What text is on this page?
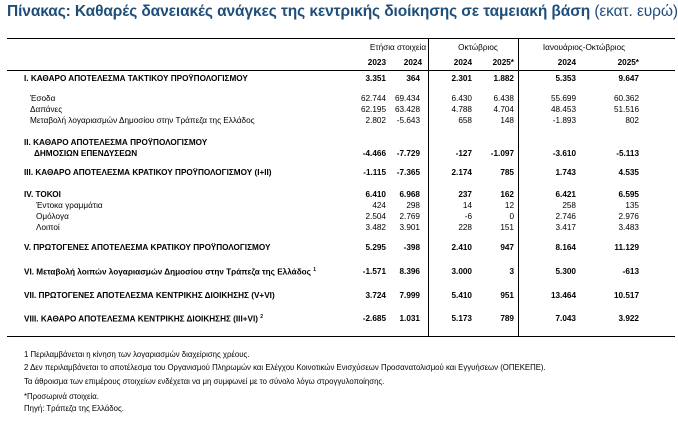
Πίνακας: Καθαρές δανειακές ανάγκες της κεντρικής διοίκησης σε ταμειακή βάση (εκατ. ευρώ)
Ετήσια στοιχεία	Οκτώβριος	Ιανουάριος-Οκτώβριος
2023	2024	2024	2025*	2024	2025*
I. ΚΑΘΑΡΟ ΑΠΟΤΕΛΕΣΜΑ ΤΑΚΤΙΚΟΥ ΠΡΟΫΠΟΛΟΓΙΣΜΟΥ	3.351	364	2.301	1.882	5.353	9.647
Έσοδα	62.744	69.434	6.430	6.438	55.699	60.362
Δαπάνες	62.195	63.428	4.788	4.704	48.453	51.516
Μεταβολή λογαριασμών Δημοσίου στην Τράπεζα της Ελλάδος	2.802	-5.643	658	148	-1.893	802
II. ΚΑΘΑΡΟ ΑΠΟΤΕΛΕΣΜΑ ΠΡΟΫΠΟΛΟΓΙΣΜΟΥ
ΔΗΜΟΣΙΩΝ ΕΠΕΝΔΥΣΕΩΝ	-4.466	-7.729	-127	-1.097	-3.610	-5.113
III. ΚΑΘΑΡΟ ΑΠΟΤΕΛΕΣΜΑ ΚΡΑΤΙΚΟΥ ΠΡΟΫΠΟΛΟΓΙΣΜΟΥ (I+II)	-1.115	-7.365	2.174	785	1.743	4.535
IV. ΤΟΚΟΙ	6.410	6.968	237	162	6.421	6.595
Έντοκα γραμμάτια	424	298	14	12	258	135
Ομόλογα	2.504	2.769	-6	0	2.746	2.976
Λοιποί	3.482	3.901	228	151	3.417	3.483
V. ΠΡΩΤΟΓΕΝΕΣ ΑΠΟΤΕΛΕΣΜΑ ΚΡΑΤΙΚΟΥ ΠΡΟΫΠΟΛΟΓΙΣΜΟΥ	5.295	-398	2.410	947	8.164	11.129
VI. Μεταβολή λοιπών λογαριασμών Δημοσίου στην Τράπεζα της Ελλάδος $^1$	-1.571	8.396	3.000	3	5.300	-613
VII. ΠΡΩΤΟΓΕΝΕΣ ΑΠΟΤΕΛΕΣΜΑ ΚΕΝΤΡΙΚΗΣ ΔΙΟΙΚΗΣΗΣ (V+VI)	3.724	7.999	5.410	951	13.464	10.517
VIII. ΚΑΘΑΡΟ ΑΠΟΤΕΛΕΣΜΑ ΚΕΝΤΡΙΚΗΣ ΔΙΟΙΚΗΣΗΣ (III+VI) $^2$	-2.685	1.031	5.173	789	7.043	3.922
1 Περιλαμβάνεται η κίνηση των λογαριασμών διαχείρισης χρέους.
2 Δεν περιλαμβάνεται το αποτέλεσμα του Οργανισμού Πληρωμών και Ελέγχου Κοινοτικών Ενισχύσεων Προσανατολισμού και Εγγυήσεων (ΟΠΕΚΕΠΕ).
Τα άθροισμα των επιμέρους στοιχείων ενδέχεται να μη συμφωνεί με το σύνολο λόγω στρογγυλοποίησης.
*Προσωρινά στοιχεία.
Πηγή: Τράπεζα της Ελλάδος.
